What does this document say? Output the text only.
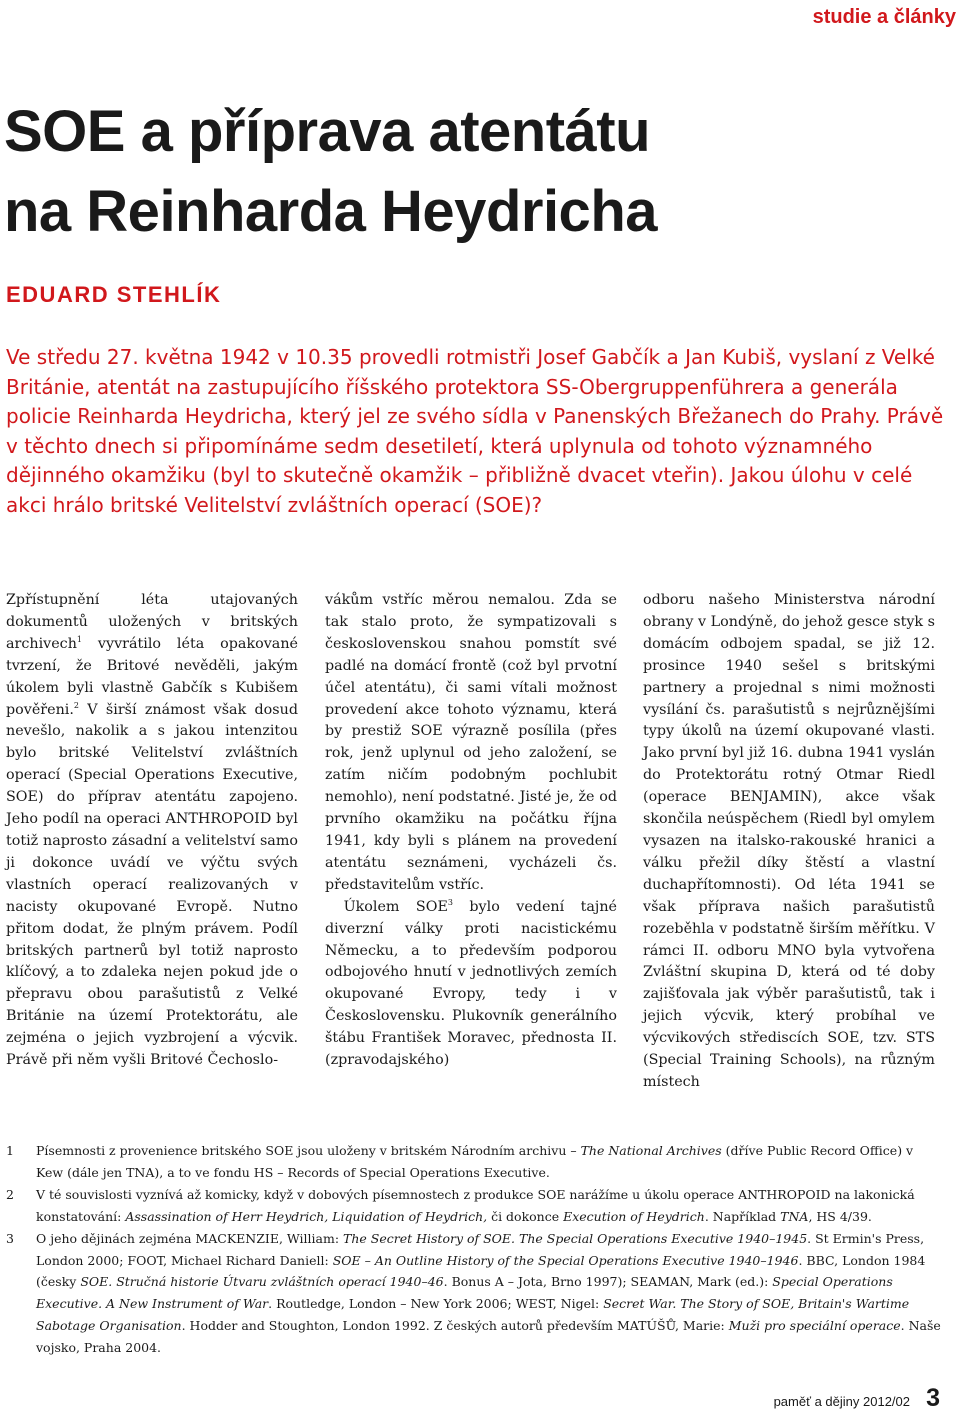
studie a články
SOE a příprava atentátu
na Reinharda Heydricha
EDUARD STEHLÍK

Ve středu 27. května 1942 v 10.35 provedli rotmistři Josef Gabčík a Jan Kubiš, vyslaní z Velké Británie, atentát na zastupujícího říšského protektora SS-Obergruppenführera a generála policie Reinharda Heydricha, který jel ze svého sídla v Panenských Břežanech do Prahy. Právě v těchto dnech si připomínáme sedm desetiletí, která uplynula od tohoto významného dějinného okamžiku (byl to skutečně okamžik – přibližně dvacet vteřin). Jakou úlohu v celé akci hrálo britské Velitelství zvláštních operací (SOE)?

Zpřístupnění léta utajovaných dokumentů uložených v britských archivech$^1$ vyvrátilo léta opakované tvrzení, že Britové nevěděli, jakým úkolem byli vlastně Gabčík s Kubišem pověřeni.$^2$ V širší známost však dosud nevešlo, nakolik a s jakou intenzitou bylo britské Velitelství zvláštních operací (Special Operations Executive, SOE) do příprav atentátu zapojeno. Jeho podíl na operaci ANTHROPOID byl totiž naprosto zásadní a velitelství samo ji dokonce uvádí ve výčtu svých vlastních operací realizovaných v nacisty okupované Evropě. Nutno přitom dodat, že plným právem. Podíl britských partnerů byl totiž naprosto klíčový, a to zdaleka nejen pokud jde o přepravu obou parašutistů z Velké Británie na území Protektorátu, ale zejména o jejich vyzbrojení a výcvik. Právě při něm vyšli Britové Čechoslo-

vákům vstříc měrou nemalou. Zda se tak stalo proto, že sympatizovali s československou snahou pomstít své padlé na domácí frontě (což byl prvotní účel atentátu), či sami vítali možnost provedení akce tohoto významu, která by prestiž SOE výrazně posílila (přes rok, jenž uplynul od jeho založení, se zatím ničím podobným pochlubit nemohlo), není podstatné. Jisté je, že od prvního okamžiku na počátku října 1941, kdy byli s plánem na provedení atentátu seznámeni, vycházeli čs. představitelům vstříc.

Úkolem SOE$^3$ bylo vedení tajné diverzní války proti nacistickému Německu, a to především podporou odbojového hnutí v jednotlivých zemích okupované Evropy, tedy i v Československu. Plukovník generálního štábu František Moravec, přednosta II. (zpravodajského)

odboru našeho Ministerstva národní obrany v Londýně, do jehož gesce styk s domácím odbojem spadal, se již 12. prosince 1940 sešel s britskými partnery a projednal s nimi možnosti vysílání čs. parašutistů s nejrůznějšími typy úkolů na území okupované vlasti. Jako první byl již 16. dubna 1941 vyslán do Protektorátu rotný Otmar Riedl (operace BENJAMIN), akce však skončila neúspěchem (Riedl byl omylem vysazen na italsko-rakouské hranici a válku přežil díky štěstí a vlastní duchapřítomnosti). Od léta 1941 se však příprava našich parašutistů rozeběhla v podstatně širším měřítku. V rámci II. odboru MNO byla vytvořena Zvláštní skupina D, která od té doby zajišťovala jak výběr parašutistů, tak i jejich výcvik, který probíhal ve výcvikových střediscích SOE, tzv. STS (Special Training Schools), na různým místech

1	Písemnosti z provenience britského SOE jsou uloženy v britském Národním archivu – The National Archives (dříve Public Record Office) v Kew (dále jen TNA), a to ve fondu HS – Records of Special Operations Executive.
2	V té souvislosti vyznívá až komicky, když v dobových písemnostech z produkce SOE narážíme u úkolu operace ANTHROPOID na lakonická konstatování: Assassination of Herr Heydrich, Liquidation of Heydrich, či dokonce Execution of Heydrich. Například TNA, HS 4/39.
3	O jeho dějinách zejména MACKENZIE, William: The Secret History of SOE. The Special Operations Executive 1940–1945. St Ermin's Press, London 2000; FOOT, Michael Richard Daniell: SOE – An Outline History of the Special Operations Executive 1940–1946. BBC, London 1984 (česky SOE. Stručná historie Útvaru zvláštních operací 1940–46. Bonus A – Jota, Brno 1997); SEAMAN, Mark (ed.): Special Operations Executive. A New Instrument of War. Routledge, London – New York 2006; WEST, Nigel: Secret War. The Story of SOE, Britain's Wartime Sabotage Organisation. Hodder and Stoughton, London 1992. Z českých autorů především MATÚŠŮ, Marie: Muži pro speciální operace. Naše vojsko, Praha 2004.
paměť a dějiny 2012/02 3
